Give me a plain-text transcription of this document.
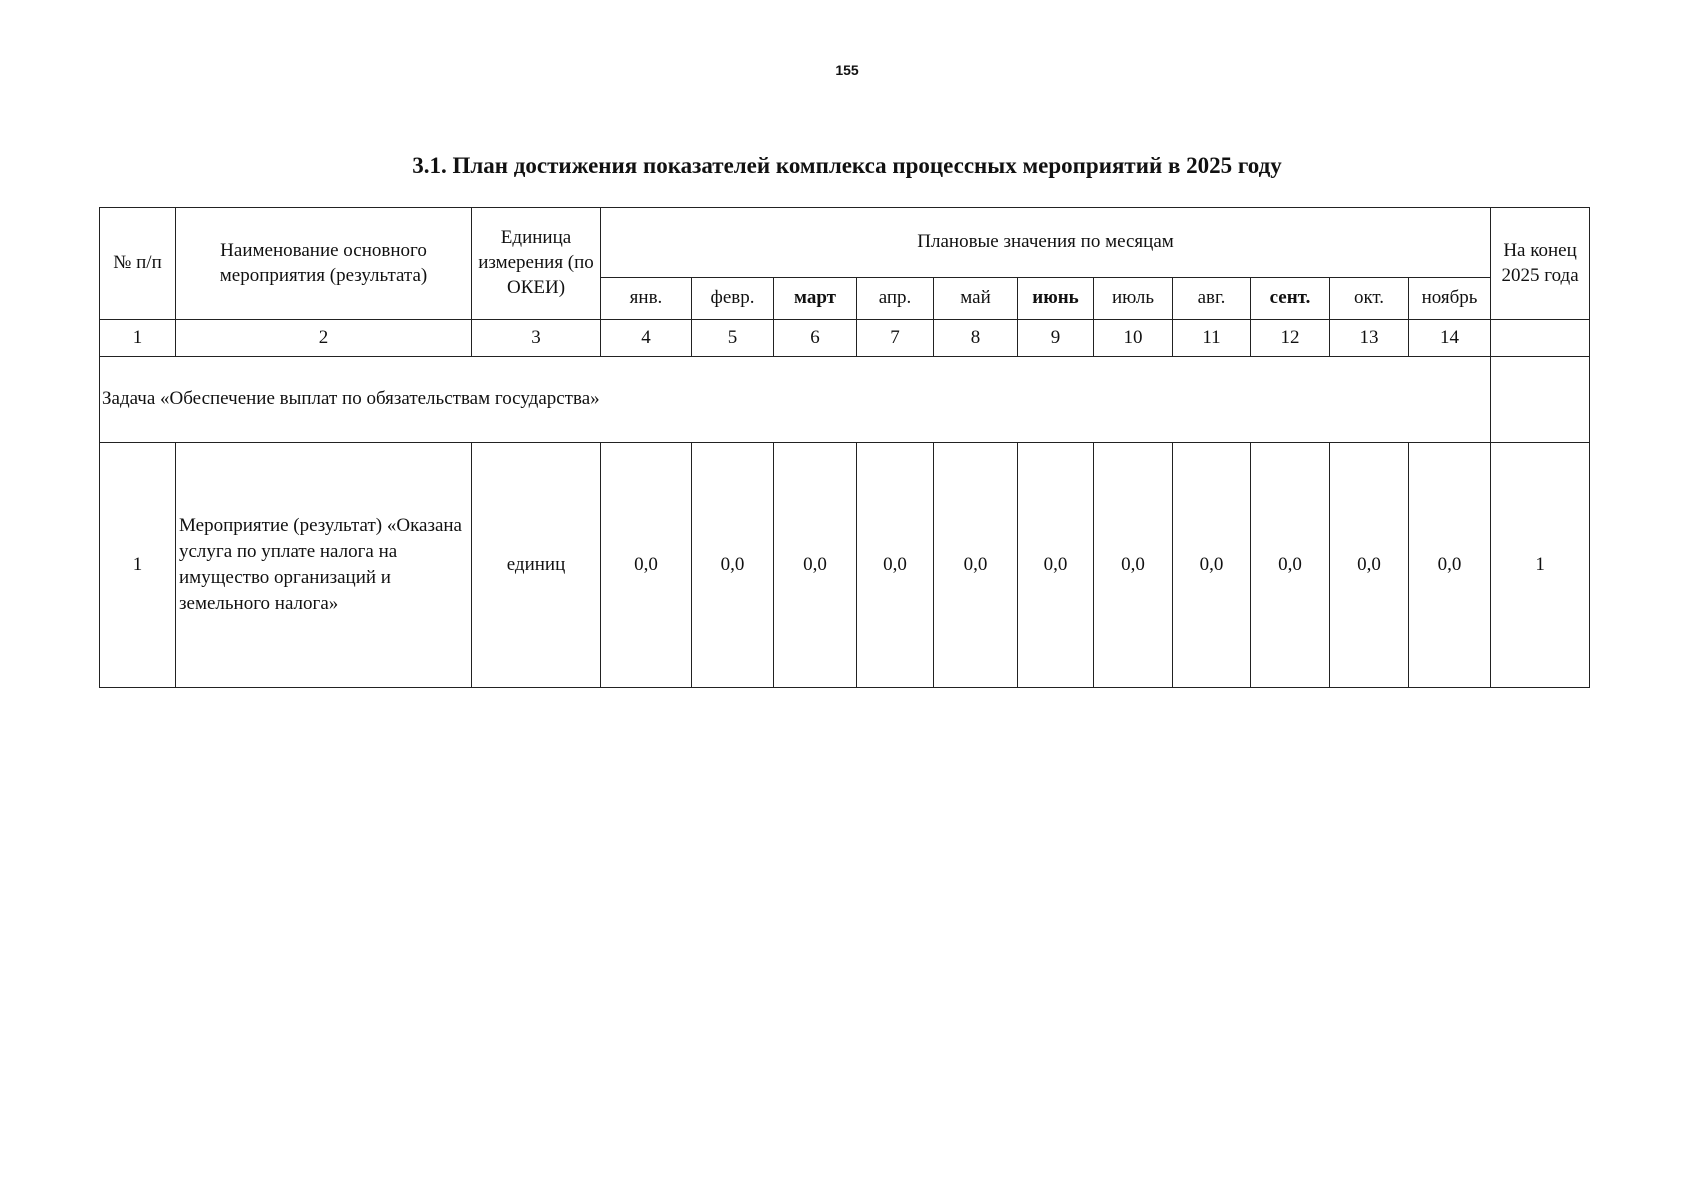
155
3.1. План достижения показателей комплекса процессных мероприятий в 2025 году
№ п/п	Наименование основного мероприятия (результата)	Единица измерения (по ОКЕИ)	Плановые значения по месяцам											На конец 2025 года
			янв.	февр.	март	апр.	май	июнь	июль	авг.	сент.	окт.	ноябрь	
1	2	3	4	5	6	7	8	9	10	11	12	13	14	
Задача «Обеспечение выплат по обязательствам государства»														
1	Мероприятие (результат) «Оказана услуга по уплате налога на имущество организаций и земельного налога»	единиц	0,0	0,0	0,0	0,0	0,0	0,0	0,0	0,0	0,0	0,0	0,0	1
